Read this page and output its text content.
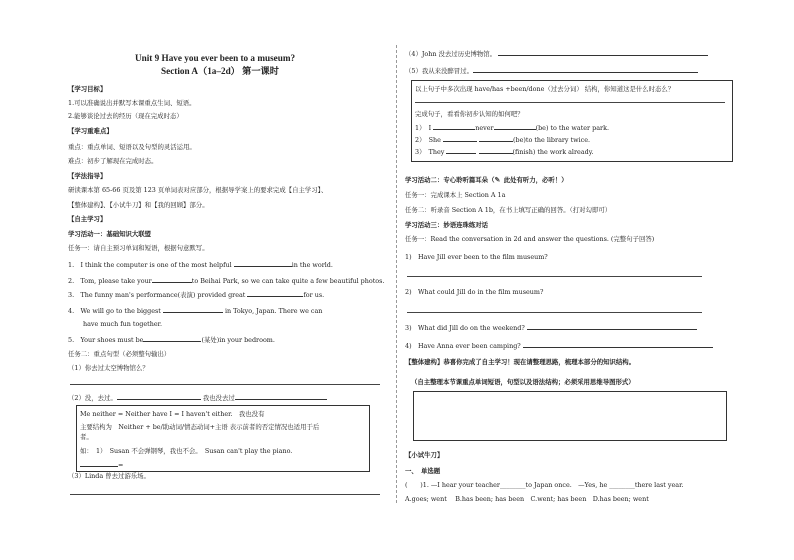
Unit 9 Have you ever been to a museum?
Section A（1a–2d） 第一课时
【学习目标】
1.可以准确说出并默写本课重点生词、短语。
2.能够谈论过去的经历（现在完成时态）
【学习重难点】
重点：重点单词、短语以及句型的灵活运用。
难点：初步了解现在完成时态。
【学法指导】
研读课本第 65-66 页及第 123 页单词表对应部分，根据导学案上的要求完成【自主学习】、
【整体建构】、【小试牛刀】和【我的回顾】部分。
【自主学习】
学习活动一：基础知识大联盟
任务一：请自主预习单词和短语，根据句意默写。
1.　I think the computer is one of the most helpful	in the world.
2.　Tom, please take your	to Beihai Park, so we can take quite a few beautiful photos.
3.　The funny man's performance(表演) provided great	for us.
4.　We will go to the biggest	in Tokyo, Japan. There we can
have much fun together.
5.　Your shoes must be	(某处)in your bedroom.
任务二：重点句型（必须整句输出）
（1）你去过太空博物馆么？
（2）没，去过。	我也没去过
Me neither = Neither have I = I haven't either.　我也没有
主要结构为　Neither + be/助动词/情态动词+主语 表示前者的否定情况也适用于后
者。
如：　1）　Susan 不会弹钢琴，我也不会。　Susan can't play the piano.
=
（3）Linda 曾去过游乐场。
（4）John 没去过历史博物馆。
（5）我从来没醉冒过。
以上句子中多次出现 have/has +been/done（过去分词） 结构，你知道这是什么时态么？
完成句子，看看你初步认知的如何吧？
1）　I	never	(be) to the water park.
2）　She	(be)to the library twice.
3）　They	(finish) the work already.
学习活动二：专心聆听篇耳朵（✎ 此处有听力，必听！）
任务一：完成课本上 Section A 1a
任务二：听录音 Section A 1b，在书上填写正确的回答。（打对勾即可）
学习活动三：妙语连珠练对话
任务一：Read the conversation in 2d and answer the questions. (完整句子回答)
1)　Have Jill ever been to the film museum?
2)　What could Jill do in the film museum?
3)　What did Jill do on the weekend?
4)　Have Anna ever been camping?
【整体建构】恭喜你完成了自主学习！现在请整理思路，梳理本部分的知识结构。
（自主整理本节课重点单词短语，句型以及语法结构；必须采用思维导图形式）
【小试牛刀】
一、　单选题
(　　)1. —I hear your teacher________to Japan once.　—Yes, he ________there last year.
A.goes; went　 B.has been; has been　C.went; has been　D.has been; went
